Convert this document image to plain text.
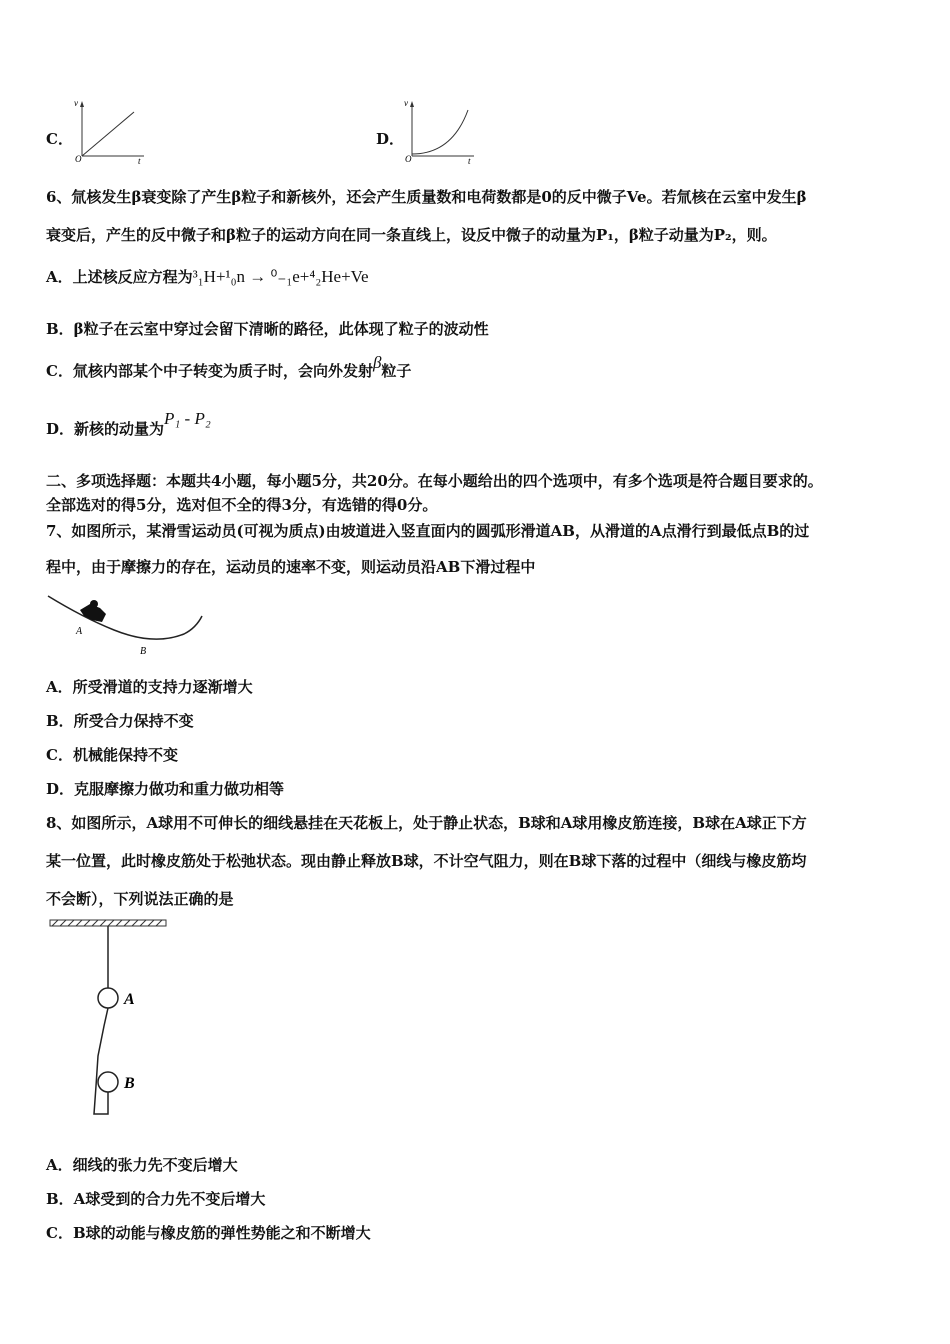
C．
v
t
O
D．
v
t
O
6、氚核发生β衰变除了产生β粒子和新核外，还会产生质量数和电荷数都是0的反中微子Ve。若氚核在云室中发生β
衰变后，产生的反中微子和β粒子的运动方向在同一条直线上，设反中微子的动量为P₁，β粒子动量为P₂，则。
A．上述核反应方程为³₁H+¹₀n → ⁰₋₁e+⁴₂He+Ve
B．β粒子在云室中穿过会留下清晰的路径，此体现了粒子的波动性
C．氚核内部某个中子转变为质子时，会向外发射β粒子
D．新核的动量为P₁ - P₂
二、多项选择题：本题共4小题，每小题5分，共20分。在每小题给出的四个选项中，有多个选项是符合题目要求的。
全部选对的得5分，选对但不全的得3分，有选错的得0分。
7、如图所示，某滑雪运动员(可视为质点)由坡道进入竖直面内的圆弧形滑道AB，从滑道的A点滑行到最低点B的过
程中，由于摩擦力的存在，运动员的速率不变，则运动员沿AB下滑过程中
A
B
A．所受滑道的支持力逐渐增大
B．所受合力保持不变
C．机械能保持不变
D．克服摩擦力做功和重力做功相等
8、如图所示，A球用不可伸长的细线悬挂在天花板上，处于静止状态，B球和A球用橡皮筋连接，B球在A球正下方
某一位置，此时橡皮筋处于松弛状态。现由静止释放B球，不计空气阻力，则在B球下落的过程中（细线与橡皮筋均
不会断），下列说法正确的是
A
B
A．细线的张力先不变后增大
B．A球受到的合力先不变后增大
C．B球的动能与橡皮筋的弹性势能之和不断增大
